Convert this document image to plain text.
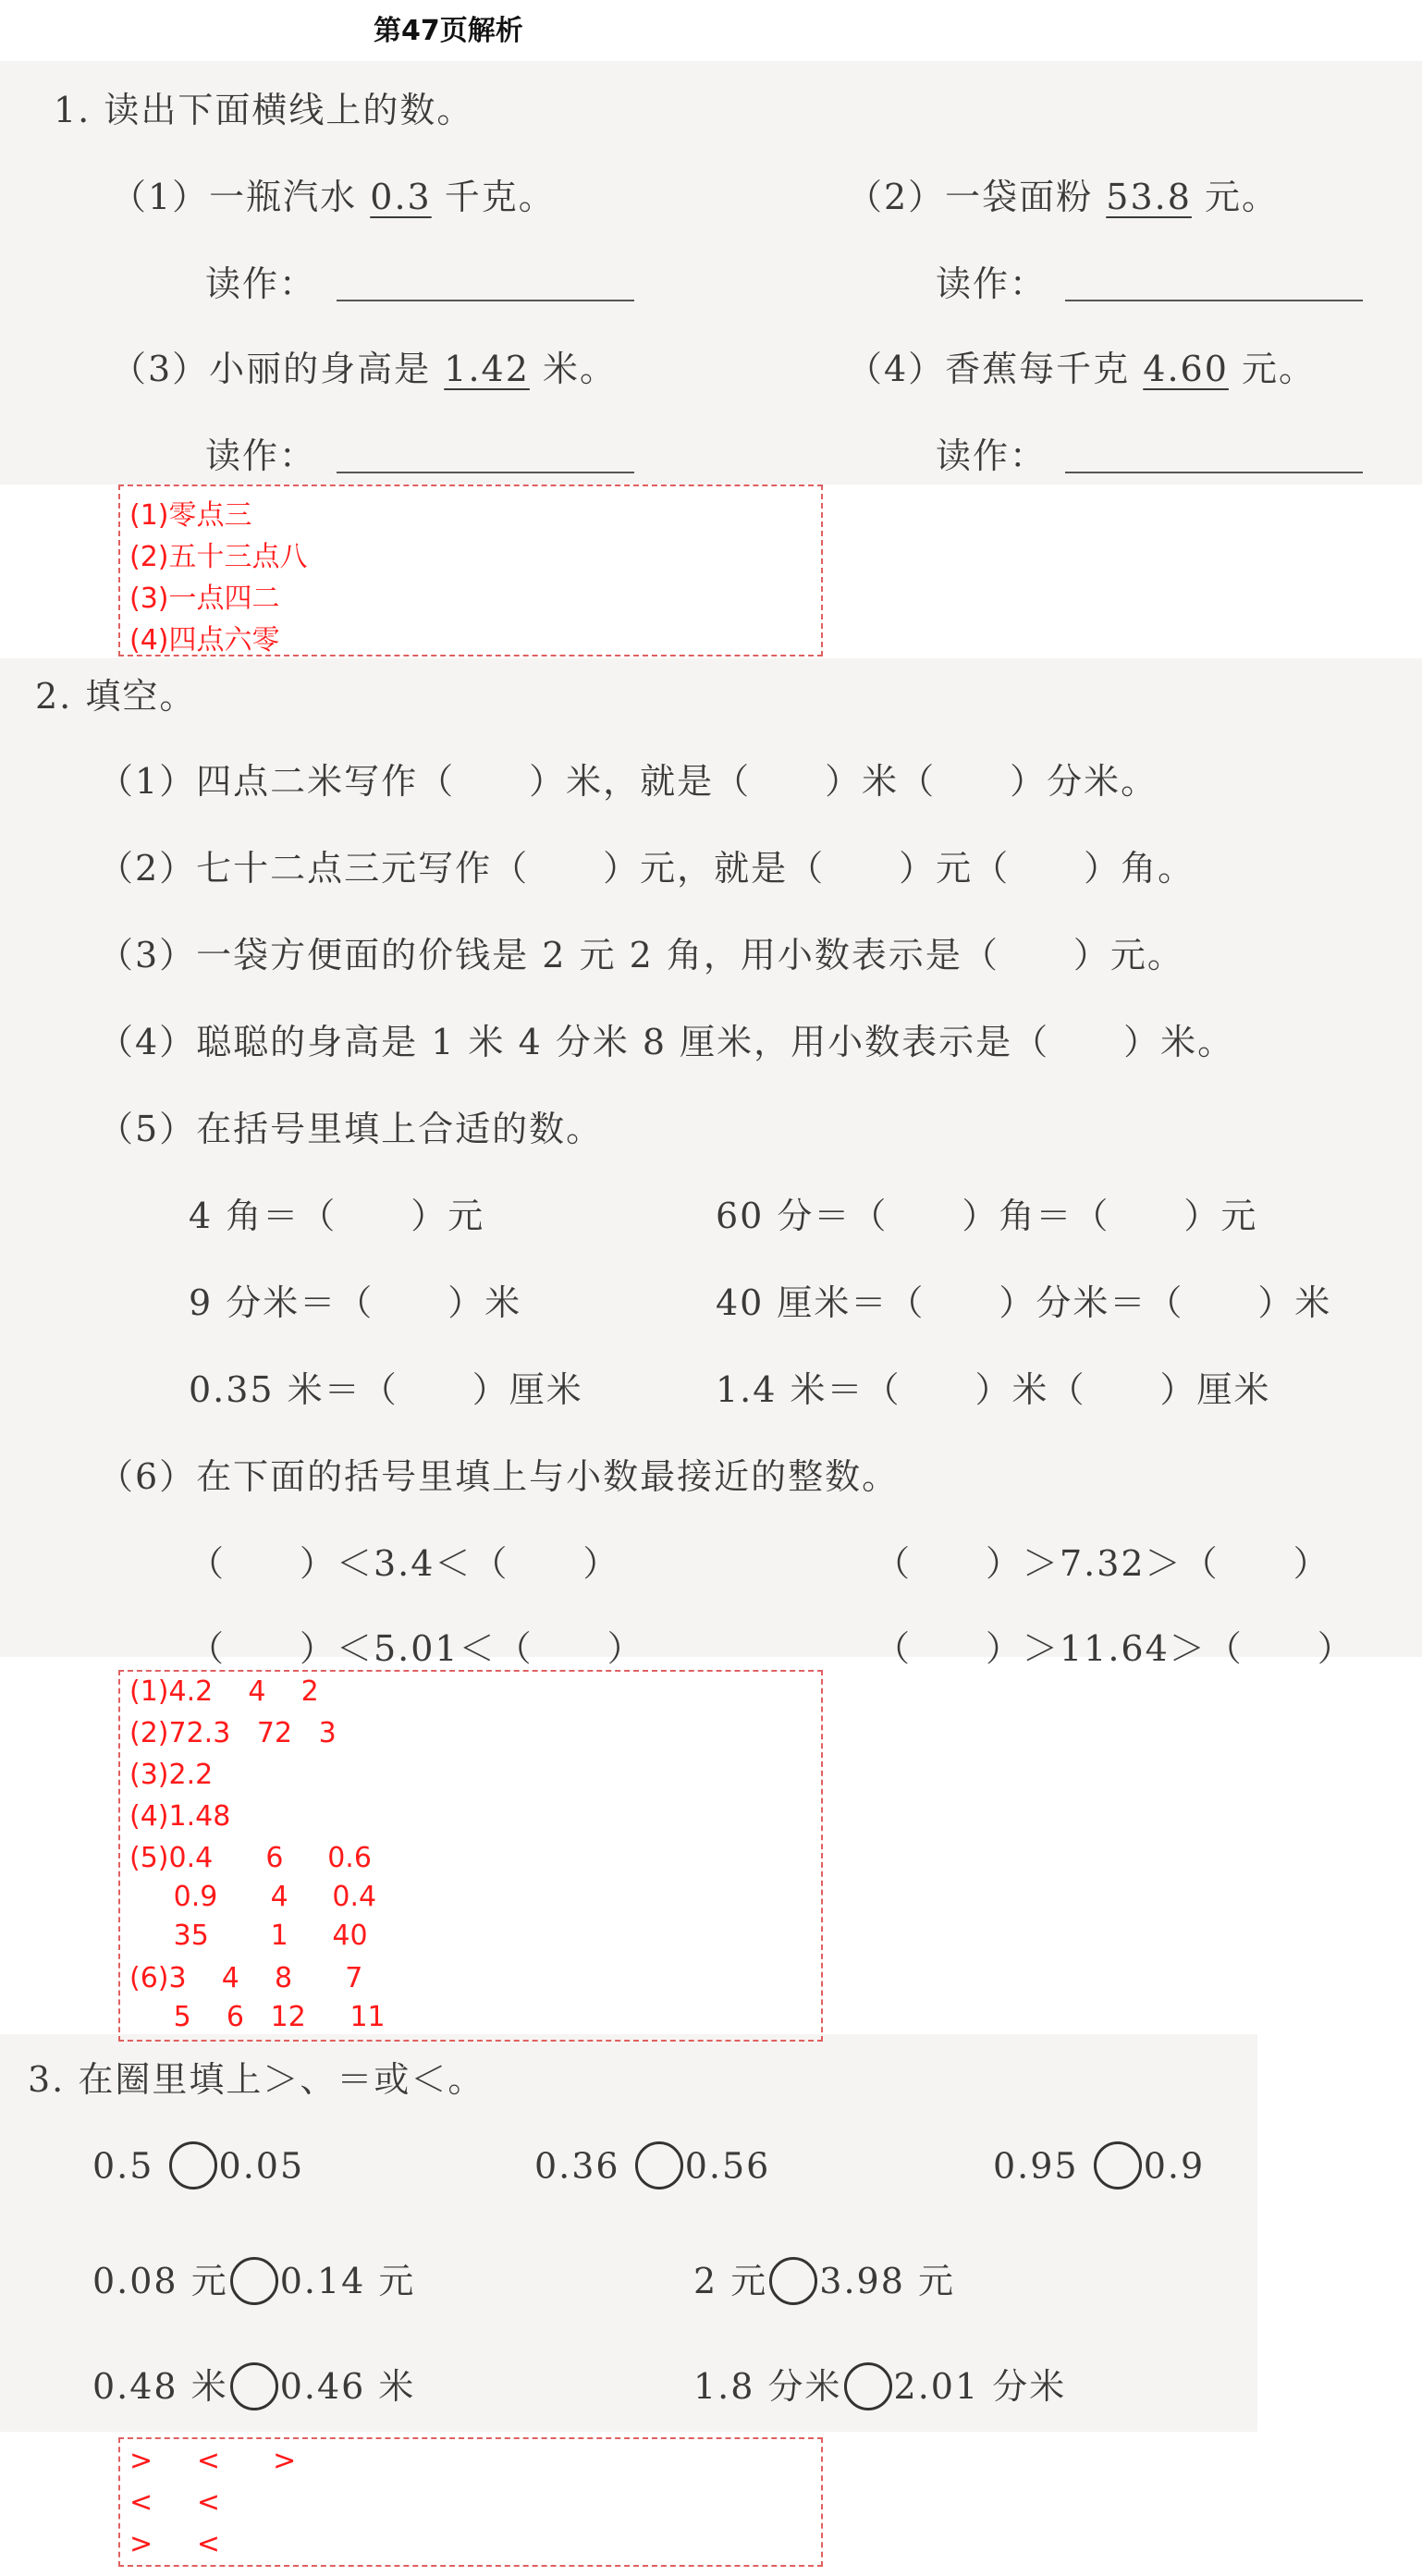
第47页解析
1. 读出下面横线上的数。
（1）一瓶汽水 0.3 千克。	（2）一袋面粉 53.8 元。
读作：	读作：
（3）小丽的身高是 1.42 米。	（4）香蕉每千克 4.60 元。
读作：	读作：
(1)零点三
(2)五十三点八
(3)一点四二
(4)四点六零
2. 填空。
（1）四点二米写作（　　）米，就是（　　）米（　　）分米。
（2）七十二点三元写作（　　）元，就是（　　）元（　　）角。
（3）一袋方便面的价钱是 2 元 2 角，用小数表示是（　　）元。
（4）聪聪的身高是 1 米 4 分米 8 厘米，用小数表示是（　　）米。
（5）在括号里填上合适的数。
4 角＝（　　）元	60 分＝（　　）角＝（　　）元
9 分米＝（　　）米	40 厘米＝（　　）分米＝（　　）米
0.35 米＝（　　）厘米	1.4 米＝（　　）米（　　）厘米
（6）在下面的括号里填上与小数最接近的整数。
（　　）＜3.4＜（　　）	（　　）＞7.32＞（　　）
（　　）＜5.01＜（　　）	（　　）＞11.64＞（　　）
(1)4.2    4    2
(2)72.3   72   3
(3)2.2
(4)1.48
(5)0.4      6     0.6
0.9      4     0.4
35       1     40
(6)3    4    8      7
5    6   12     11
3. 在圈里填上＞、＝或＜。
0.5 0.05	0.36 0.56	0.95 0.9
0.08 元 0.14 元	2 元 3.98 元
0.48 米 0.46 米	1.8 分米 2.01 分米
>     <      >
<     <
>     <
